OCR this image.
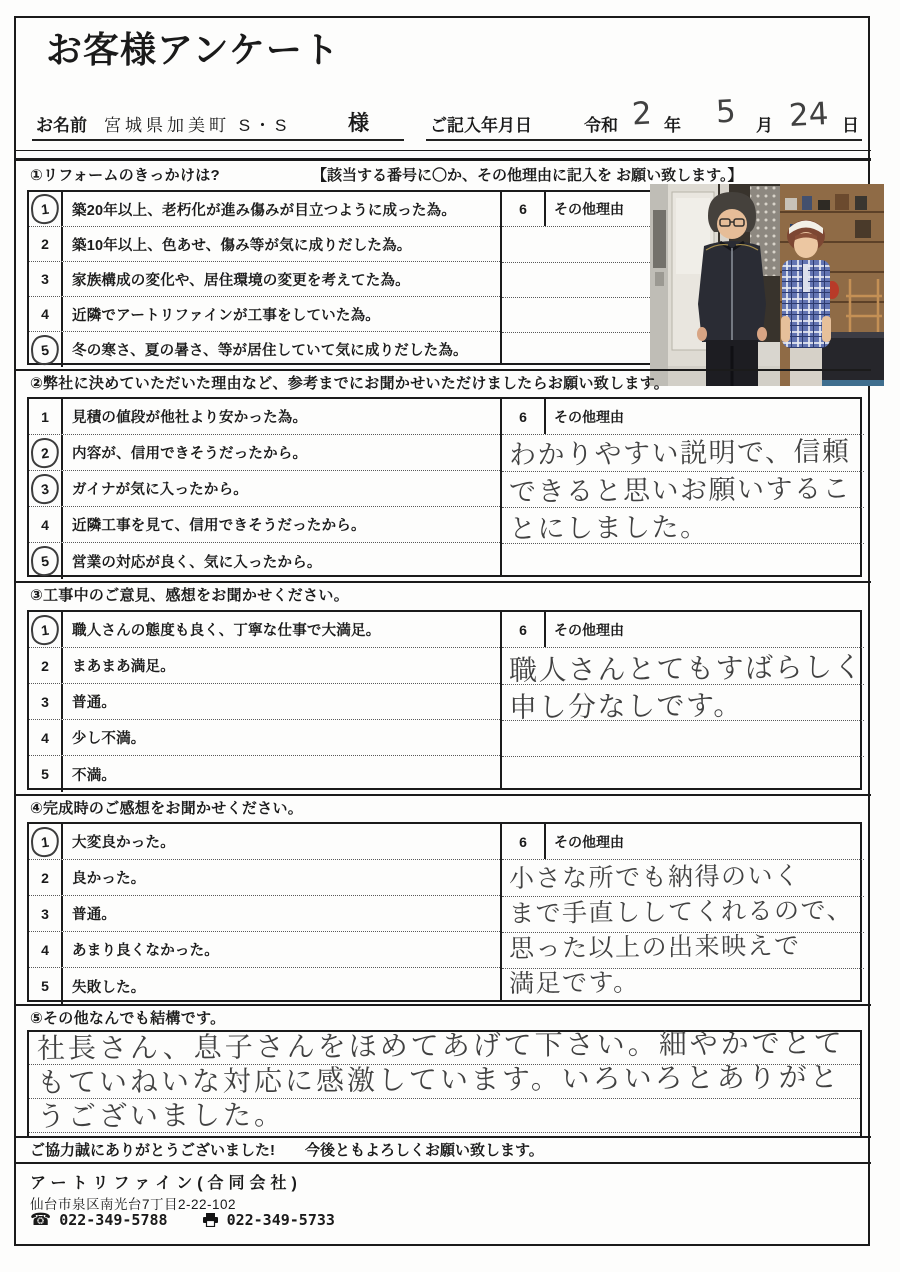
お客様アンケート
お名前 宮城県加美町 S・S	様	ご記入年月日	令和 2 年 5 月 24 日
①リフォームのきっかけは?	【該当する番号に〇か、その他理由に記入を お願い致します。】
1	築20年以上、老朽化が進み傷みが目立つように成った為。
2	築10年以上、色あせ、傷み等が気に成りだした為。
3	家族構成の変化や、居住環境の変更を考えてた為。
4	近隣でアートリファインが工事をしていた為。
5	冬の寒さ、夏の暑さ、等が居住していて気に成りだした為。
6	その他理由
②弊社に決めていただいた理由など、参考までにお聞かせいただけましたらお願い致します。
1	見積の値段が他社より安かった為。
2	内容が、信用できそうだったから。
3	ガイナが気に入ったから。
4	近隣工事を見て、信用できそうだったから。
5	営業の対応が良く、気に入ったから。
6	その他理由
わかりやすい説明で、信頼
できると思いお願いするこ
とにしました。
③工事中のご意見、感想をお聞かせください。
1	職人さんの態度も良く、丁寧な仕事で大満足。
2	まあまあ満足。
3	普通。
4	少し不満。
5	不満。
6	その他理由
職人さんとてもすばらしく
申し分なしです。
④完成時のご感想をお聞かせください。
1	大変良かった。
2	良かった。
3	普通。
4	あまり良くなかった。
5	失敗した。
6	その他理由
小さな所でも納得のいく
まで手直ししてくれるので、
思った以上の出来映えで
満足です。
⑤その他なんでも結構です。
社長さん、息子さんをほめてあげて下さい。細やかでとて
もていねいな対応に感激しています。いろいろとありがと
うございました。
ご協力誠にありがとうございました! 今後ともよろしくお願い致します。
アートリファイン(合同会社)
仙台市泉区南光台7丁目2-22-102
☎ 022-349-5788	022-349-5733
